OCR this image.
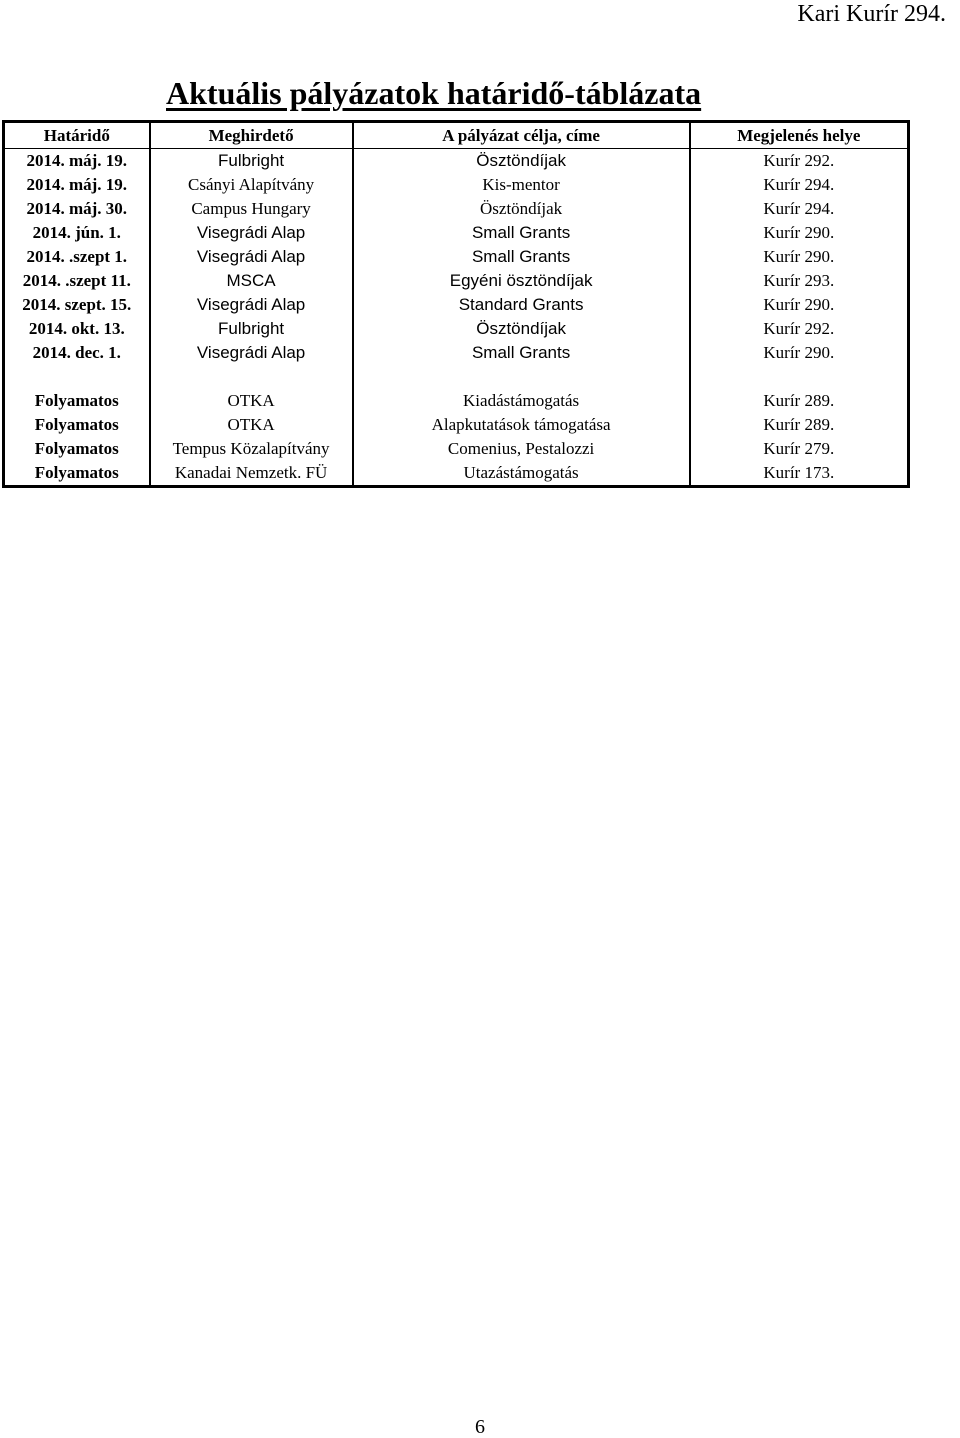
Kari Kurír 294.
Aktuális pályázatok határidő-táblázata
Határidő	Meghirdető	A pályázat célja, címe	Megjelenés helye
2014. máj. 19.	Fulbright	Ösztöndíjak	Kurír 292.
2014. máj. 19.	Csányi Alapítvány	Kis-mentor	Kurír 294.
2014. máj. 30.	Campus Hungary	Ösztöndíjak	Kurír 294.
2014. jún. 1.	Visegrádi Alap	Small Grants	Kurír 290.
2014. .szept 1.	Visegrádi Alap	Small Grants	Kurír 290.
2014. .szept 11.	MSCA	Egyéni ösztöndíjak	Kurír 293.
2014. szept. 15.	Visegrádi Alap	Standard Grants	Kurír 290.
2014. okt. 13.	Fulbright	Ösztöndíjak	Kurír 292.
2014. dec. 1.	Visegrádi Alap	Small Grants	Kurír 290.

Folyamatos	OTKA	Kiadástámogatás	Kurír 289.
Folyamatos	OTKA	Alapkutatások támogatása	Kurír 289.
Folyamatos	Tempus Közalapítvány	Comenius, Pestalozzi	Kurír 279.
Folyamatos	Kanadai Nemzetk. FÜ	Utazástámogatás	Kurír 173.
6
